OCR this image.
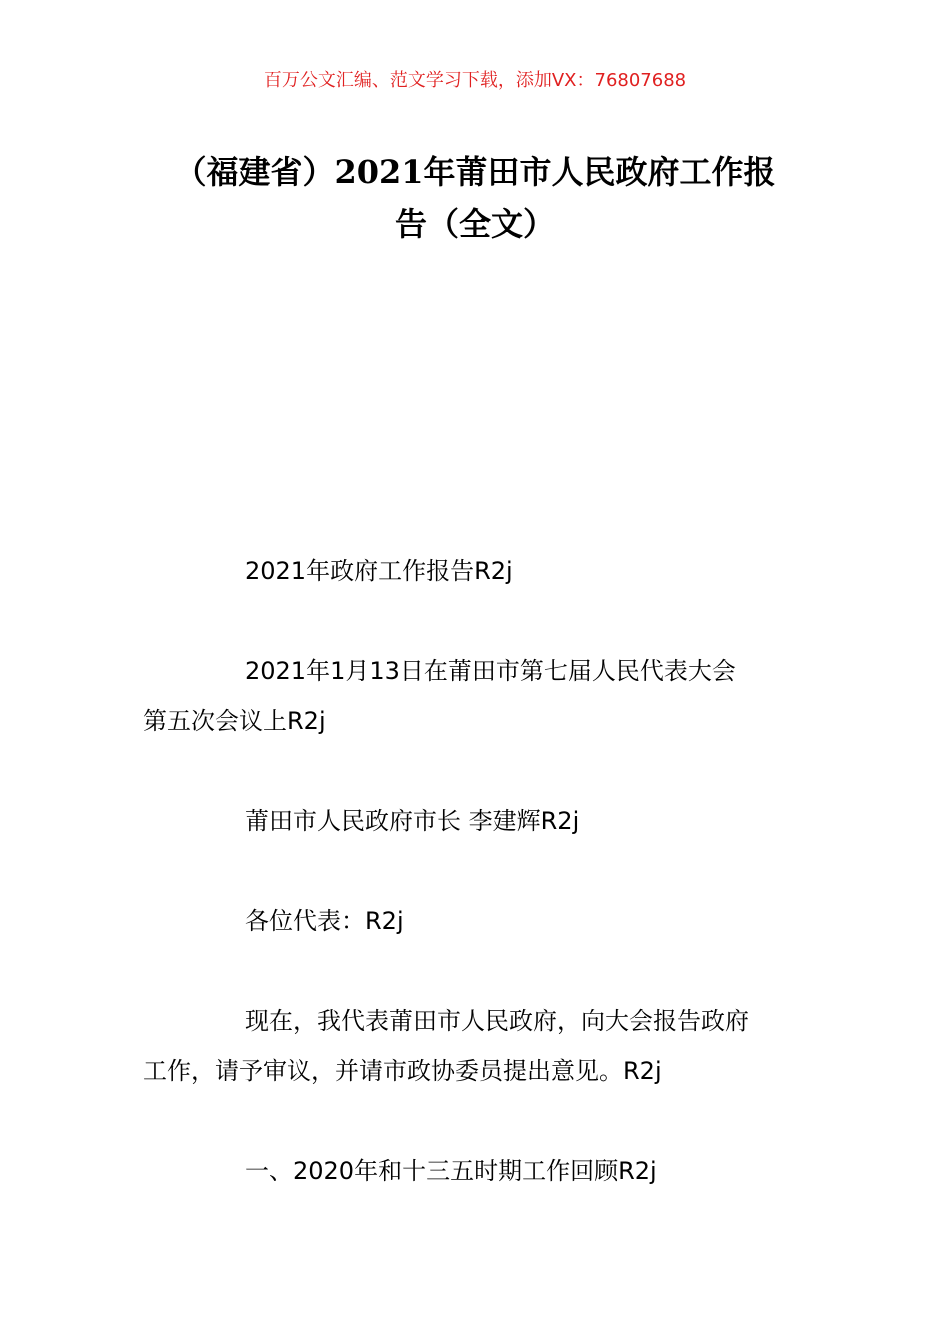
百万公文汇编、范文学习下载，添加VX：76807688
（福建省）2021年莆田市人民政府工作报
告（全文）

2021年政府工作报告R2j

2021年1月13日在莆田市第七届人民代表大会
第五次会议上R2j

莆田市人民政府市长 李建辉R2j

各位代表：R2j

现在，我代表莆田市人民政府，向大会报告政府
工作，请予审议，并请市政协委员提出意见。R2j

一、2020年和十三五时期工作回顾R2j
